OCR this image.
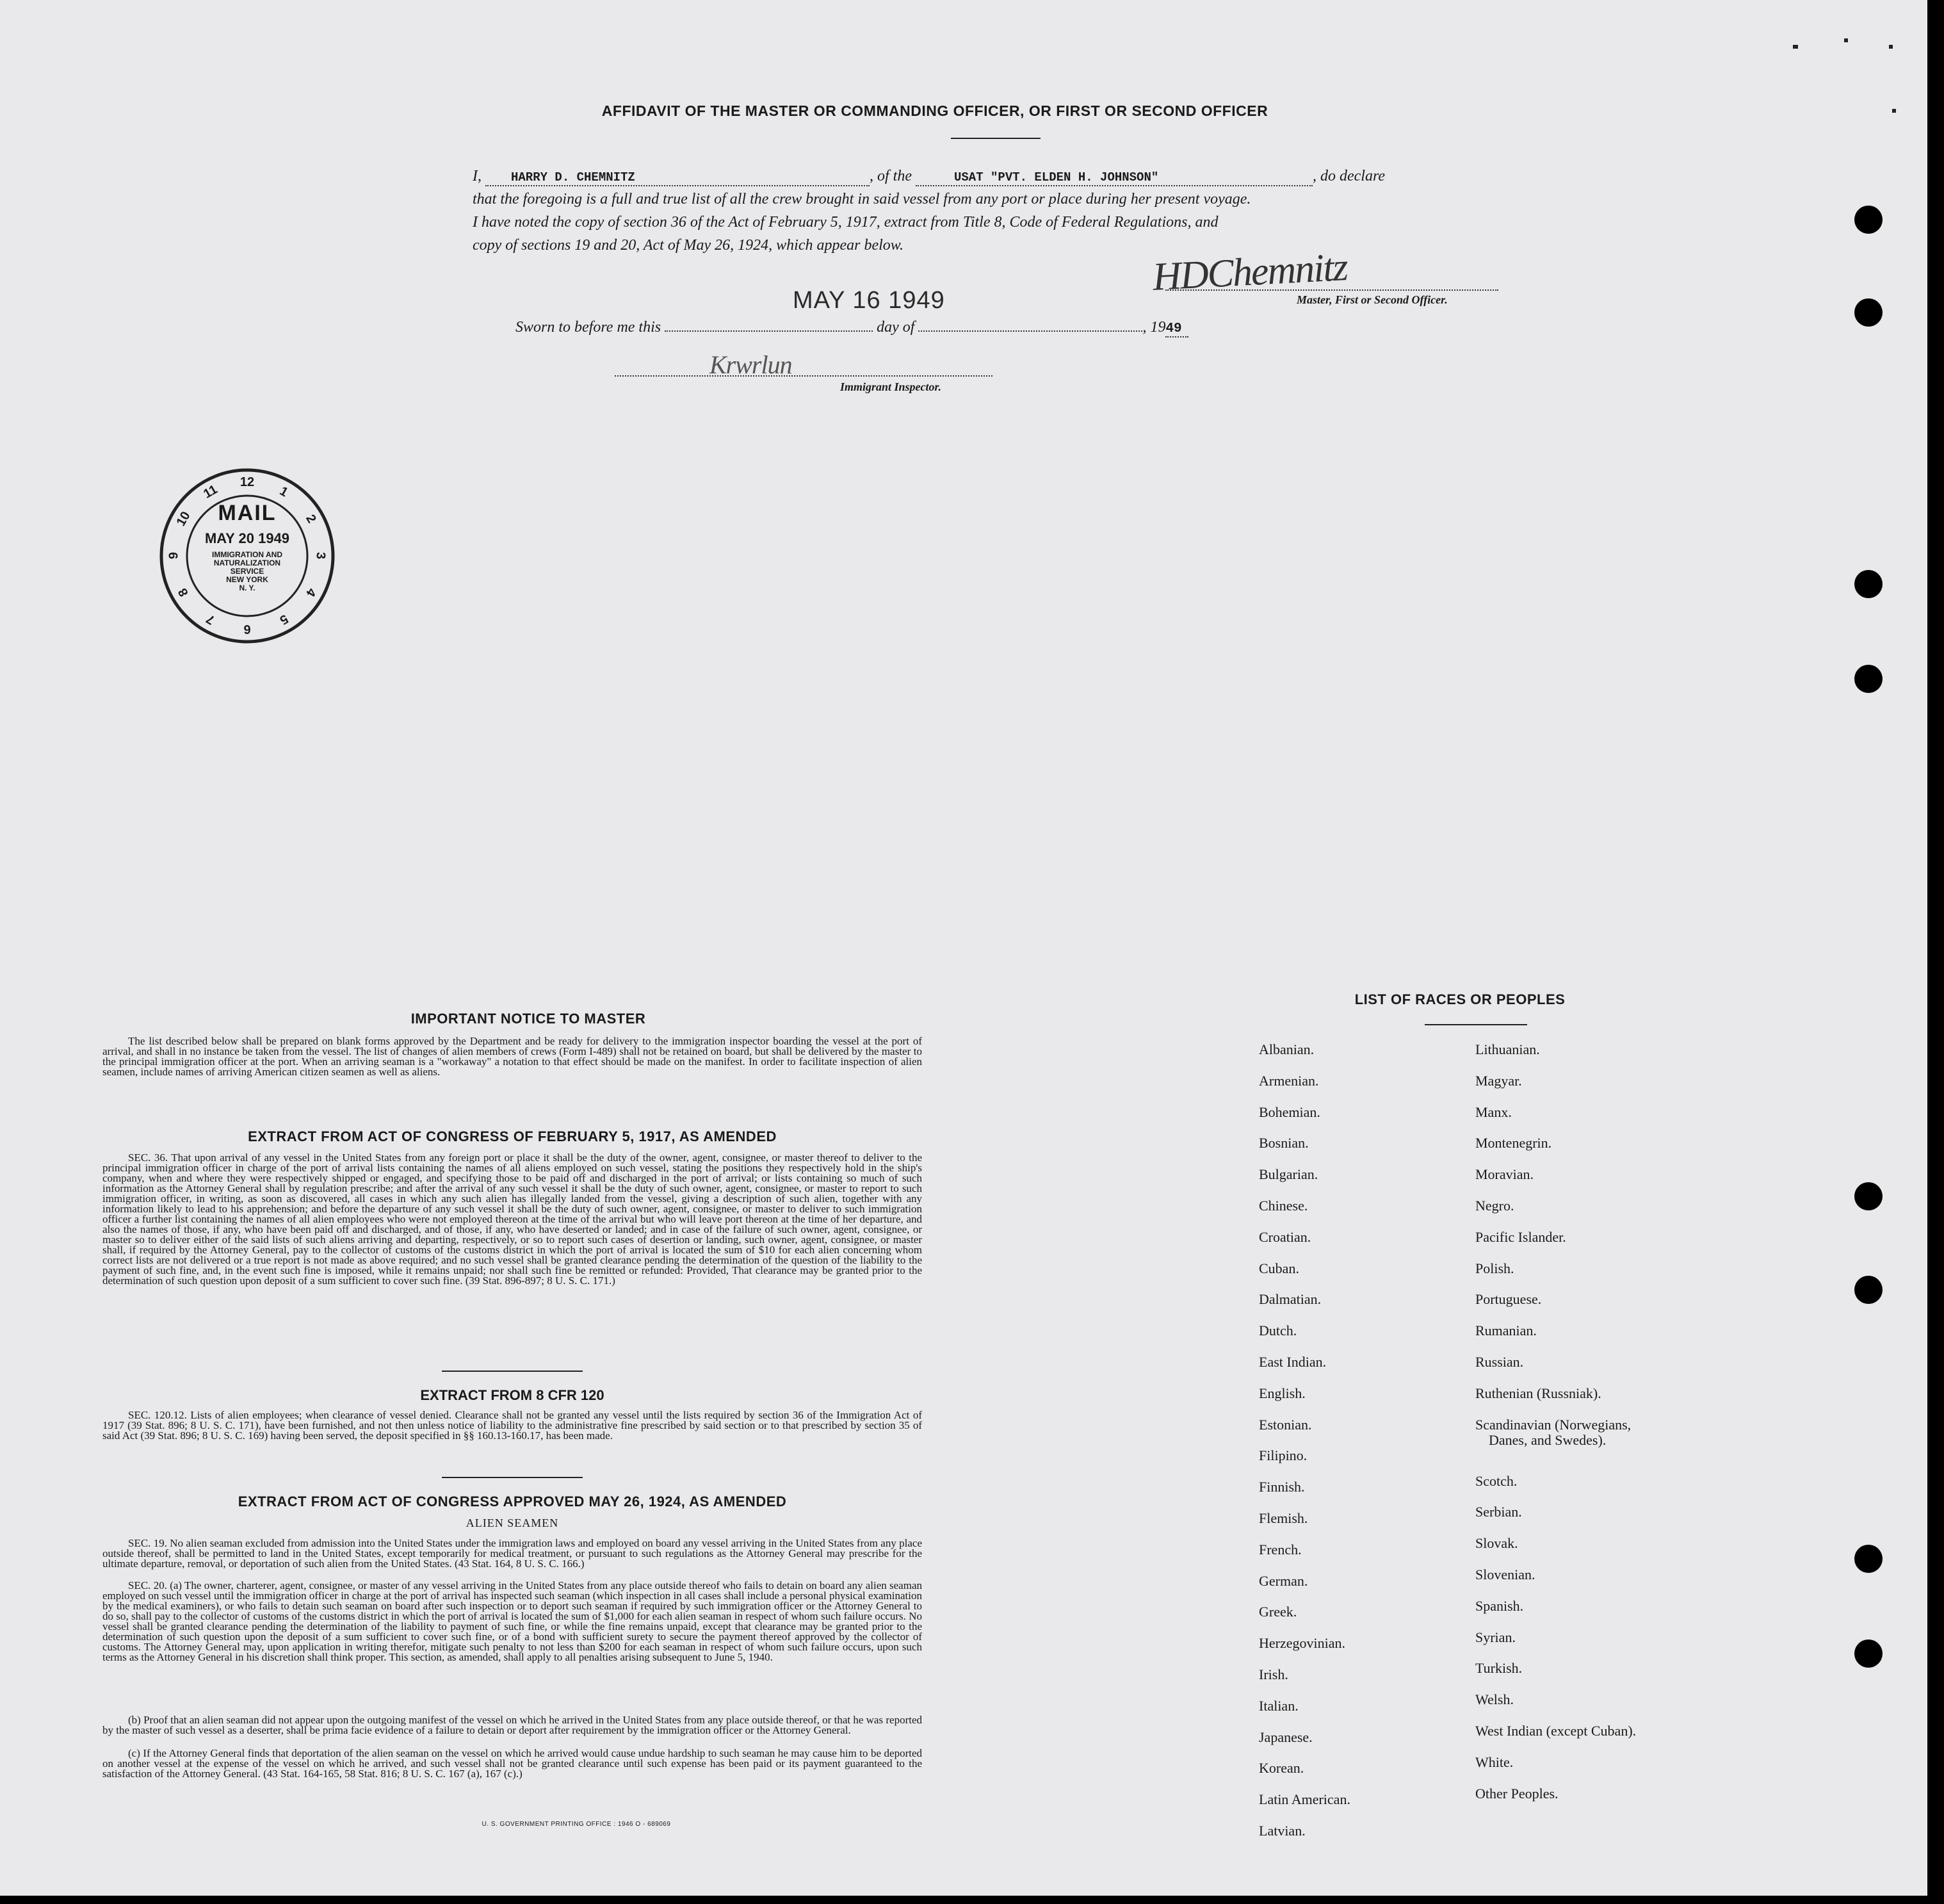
AFFIDAVIT OF THE MASTER OR COMMANDING OFFICER, OR FIRST OR SECOND OFFICER
I, HARRY D. CHEMNITZ	, of the	USAT "PVT. ELDEN H. JOHNSON"	, do declare
that the foregoing is a full and true list of all the crew brought in said vessel from any port or place during her present voyage.
I have noted the copy of section 36 of the Act of February 5, 1917, extract from Title 8, Code of Federal Regulations, and
copy of sections 19 and 20, Act of May 26, 1924, which appear below.
HDChemnitz
Master, First or Second Officer.
MAY 16 1949
Sworn to before me this	day of	, 1949
Krwrlun
Immigrant Inspector.
12
1
2
3
4
5
6
7
8
9
10
11
MAIL
MAY 20 1949
IMMIGRATION AND
NATURALIZATION
SERVICE
NEW YORK
N. Y.
IMPORTANT NOTICE TO MASTER
The list described below shall be prepared on blank forms approved by the Department and be ready for delivery to the immigration inspector boarding the vessel at the port of arrival, and shall in no instance be taken from the vessel. The list of changes of alien members of crews (Form I-489) shall not be retained on board, but shall be delivered by the master to the principal immigration officer at the port. When an arriving seaman is a "workaway" a notation to that effect should be made on the manifest. In order to facilitate inspection of alien seamen, include names of arriving American citizen seamen as well as aliens.
EXTRACT FROM ACT OF CONGRESS OF FEBRUARY 5, 1917, AS AMENDED
SEC. 36. That upon arrival of any vessel in the United States from any foreign port or place it shall be the duty of the owner, agent, consignee, or master thereof to deliver to the principal immigration officer in charge of the port of arrival lists containing the names of all aliens employed on such vessel, stating the positions they respectively hold in the ship's company, when and where they were respectively shipped or engaged, and specifying those to be paid off and discharged in the port of arrival; or lists containing so much of such information as the Attorney General shall by regulation prescribe; and after the arrival of any such vessel it shall be the duty of such owner, agent, consignee, or master to report to such immigration officer, in writing, as soon as discovered, all cases in which any such alien has illegally landed from the vessel, giving a description of such alien, together with any information likely to lead to his apprehension; and before the departure of any such vessel it shall be the duty of such owner, agent, consignee, or master to deliver to such immigration officer a further list containing the names of all alien employees who were not employed thereon at the time of the arrival but who will leave port thereon at the time of her departure, and also the names of those, if any, who have been paid off and discharged, and of those, if any, who have deserted or landed; and in case of the failure of such owner, agent, consignee, or master so to deliver either of the said lists of such aliens arriving and departing, respectively, or so to report such cases of desertion or landing, such owner, agent, consignee, or master shall, if required by the Attorney General, pay to the collector of customs of the customs district in which the port of arrival is located the sum of $10 for each alien concerning whom correct lists are not delivered or a true report is not made as above required; and no such vessel shall be granted clearance pending the determination of the question of the liability to the payment of such fine, and, in the event such fine is imposed, while it remains unpaid; nor shall such fine be remitted or refunded: Provided, That clearance may be granted prior to the determination of such question upon deposit of a sum sufficient to cover such fine. (39 Stat. 896-897; 8 U. S. C. 171.)
EXTRACT FROM 8 CFR 120
SEC. 120.12. Lists of alien employees; when clearance of vessel denied. Clearance shall not be granted any vessel until the lists required by section 36 of the Immigration Act of 1917 (39 Stat. 896; 8 U. S. C. 171), have been furnished, and not then unless notice of liability to the administrative fine prescribed by said section or to that prescribed by section 35 of said Act (39 Stat. 896; 8 U. S. C. 169) having been served, the deposit specified in §§ 160.13-160.17, has been made.
EXTRACT FROM ACT OF CONGRESS APPROVED MAY 26, 1924, AS AMENDED
ALIEN SEAMEN
SEC. 19. No alien seaman excluded from admission into the United States under the immigration laws and employed on board any vessel arriving in the United States from any place outside thereof, shall be permitted to land in the United States, except temporarily for medical treatment, or pursuant to such regulations as the Attorney General may prescribe for the ultimate departure, removal, or deportation of such alien from the United States. (43 Stat. 164, 8 U. S. C. 166.)
SEC. 20. (a) The owner, charterer, agent, consignee, or master of any vessel arriving in the United States from any place outside thereof who fails to detain on board any alien seaman employed on such vessel until the immigration officer in charge at the port of arrival has inspected such seaman (which inspection in all cases shall include a personal physical examination by the medical examiners), or who fails to detain such seaman on board after such inspection or to deport such seaman if required by such immigration officer or the Attorney General to do so, shall pay to the collector of customs of the customs district in which the port of arrival is located the sum of $1,000 for each alien seaman in respect of whom such failure occurs. No vessel shall be granted clearance pending the determination of the liability to payment of such fine, or while the fine remains unpaid, except that clearance may be granted prior to the determination of such question upon the deposit of a sum sufficient to cover such fine, or of a bond with sufficient surety to secure the payment thereof approved by the collector of customs. The Attorney General may, upon application in writing therefor, mitigate such penalty to not less than $200 for each seaman in respect of whom such failure occurs, upon such terms as the Attorney General in his discretion shall think proper. This section, as amended, shall apply to all penalties arising subsequent to June 5, 1940.
(b) Proof that an alien seaman did not appear upon the outgoing manifest of the vessel on which he arrived in the United States from any place outside thereof, or that he was reported by the master of such vessel as a deserter, shall be prima facie evidence of a failure to detain or deport after requirement by the immigration officer or the Attorney General.
(c) If the Attorney General finds that deportation of the alien seaman on the vessel on which he arrived would cause undue hardship to such seaman he may cause him to be deported on another vessel at the expense of the vessel on which he arrived, and such vessel shall not be granted clearance until such expense has been paid or its payment guaranteed to the satisfaction of the Attorney General. (43 Stat. 164-165, 58 Stat. 816; 8 U. S. C. 167 (a), 167 (c).)
U. S. GOVERNMENT PRINTING OFFICE : 1946 O - 689069
LIST OF RACES OR PEOPLES
Albanian.
Armenian.
Bohemian.
Bosnian.
Bulgarian.
Chinese.
Croatian.
Cuban.
Dalmatian.
Dutch.
East Indian.
English.
Estonian.
Filipino.
Finnish.
Flemish.
French.
German.
Greek.
Herzegovinian.
Irish.
Italian.
Japanese.
Korean.
Latin American.
Latvian.
Lithuanian.
Magyar.
Manx.
Montenegrin.
Moravian.
Negro.
Pacific Islander.
Polish.
Portuguese.
Rumanian.
Russian.
Ruthenian (Russniak).
Scandinavian (Norwegians,
Danes, and Swedes).
Scotch.
Serbian.
Slovak.
Slovenian.
Spanish.
Syrian.
Turkish.
Welsh.
West Indian (except Cuban).
White.
Other Peoples.
